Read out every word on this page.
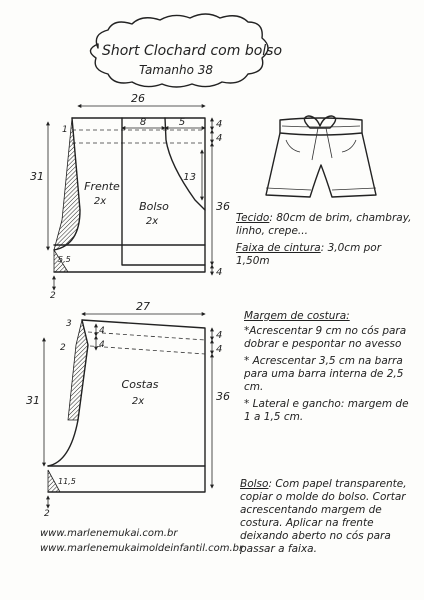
Short Clochard com bolso
Tamanho 38
26
8	5	4
4
13
36
4
31
1
5,5
2
Frente
2x	Bolso
2x
27
4
4
36
4
4
3
2
31
11,5
2
Costas
2x

Tecido: 80cm de brim, chambray, linho, crepe...

Faixa de cintura: 3,0cm por 1,50m

Margem de costura:

*Acrescentar 9 cm no cós para dobrar e pespontar no avesso

* Acrescentar 3,5 cm na barra para uma barra interna de 2,5 cm.

* Lateral e gancho: margem de 1 a 1,5 cm.

Bolso: Com papel transparente, copiar o molde do bolso. Cortar acrescentando margem de costura. Aplicar na frente deixando aberto no cós para passar a faixa.

www.marlenemukai.com.br
www.marlenemukaimoldeinfantil.com.br
